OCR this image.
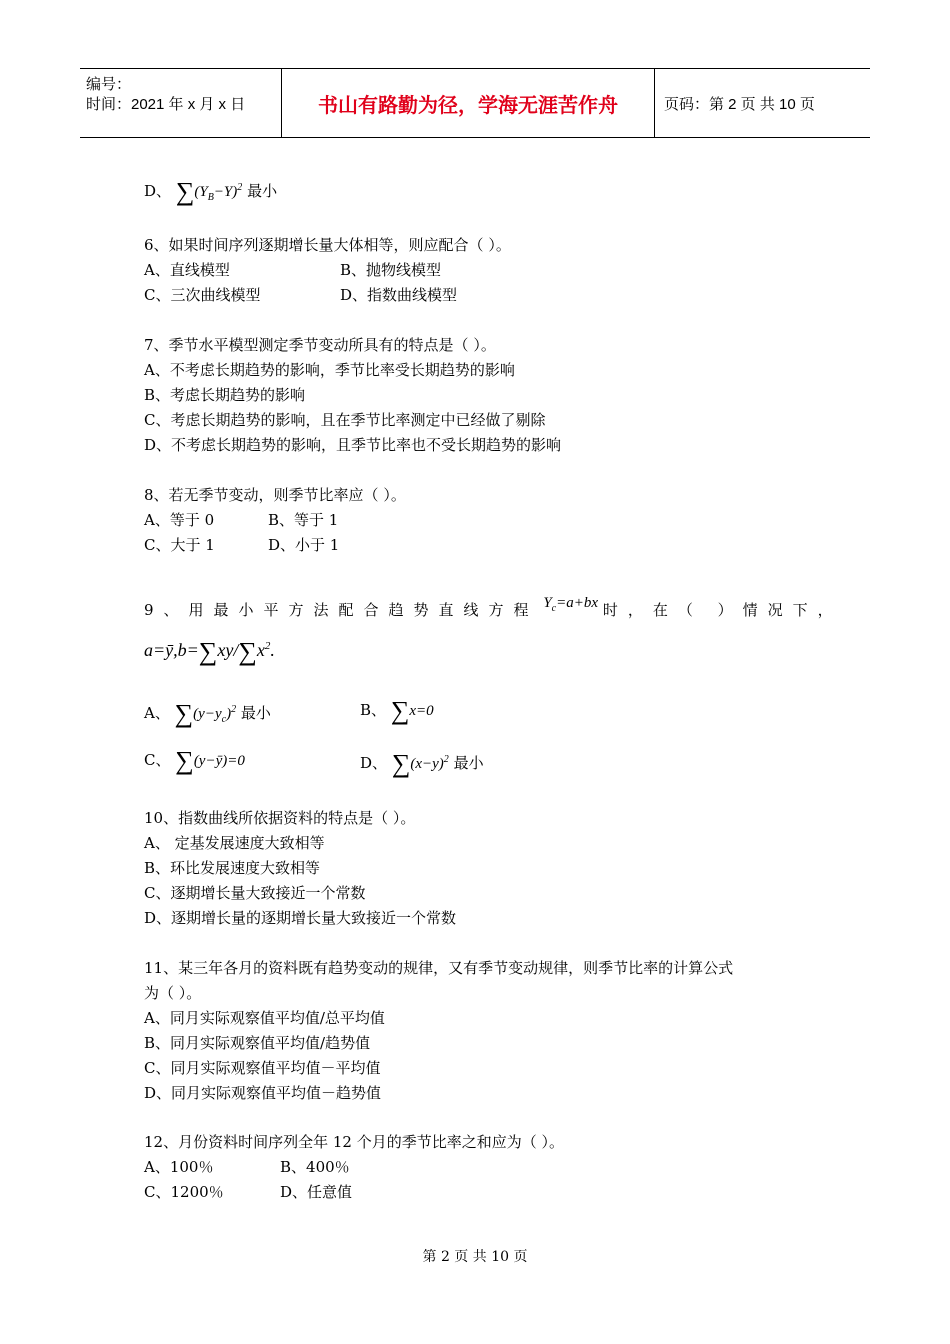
编号：
时间：2021 年 x 月 x 日	书山有路勤为径，学海无涯苦作舟	页码：第 2 页 共 10 页
D、 $\sum(Y_B-Y)^2$ 最小
6、如果时间序列逐期增长量大体相等，则应配合（ ）。
A、直线模型	B、抛物线模型
C、三次曲线模型	D、指数曲线模型
7、季节水平模型测定季节变动所具有的特点是（ ）。
A、不考虑长期趋势的影响，季节比率受长期趋势的影响
B、考虑长期趋势的影响
C、考虑长期趋势的影响，且在季节比率测定中已经做了剔除
D、不考虑长期趋势的影响，且季节比率也不受长期趋势的影响
8、若无季节变动，则季节比率应（ ）。
A、等于 0	B、等于 1
C、大于 1	D、小于 1
9、用最小平方法配合趋势直线方程 $Y_c=a+bx$ 时，在（ ）情况下，
$a=ȳ,b=\sum xy/\sum x^2$.
A、 $\sum(y-y_c)^2$ 最小	B、 ∑x=0
C、 ∑(y−ȳ)=0	D、 $\sum(x-y)^2$ 最小
10、指数曲线所依据资料的特点是（ ）。
A、 定基发展速度大致相等
B、环比发展速度大致相等
C、逐期增长量大致接近一个常数
D、逐期增长量的逐期增长量大致接近一个常数
11、某三年各月的资料既有趋势变动的规律，又有季节变动规律，则季节比率的计算公式
为（ ）。
A、同月实际观察值平均值/总平均值
B、同月实际观察值平均值/趋势值
C、同月实际观察值平均值－平均值
D、同月实际观察值平均值－趋势值
12、月份资料时间序列全年 12 个月的季节比率之和应为（ ）。
A、100％	B、400％
C、1200％	D、任意值
第 2 页 共 10 页
